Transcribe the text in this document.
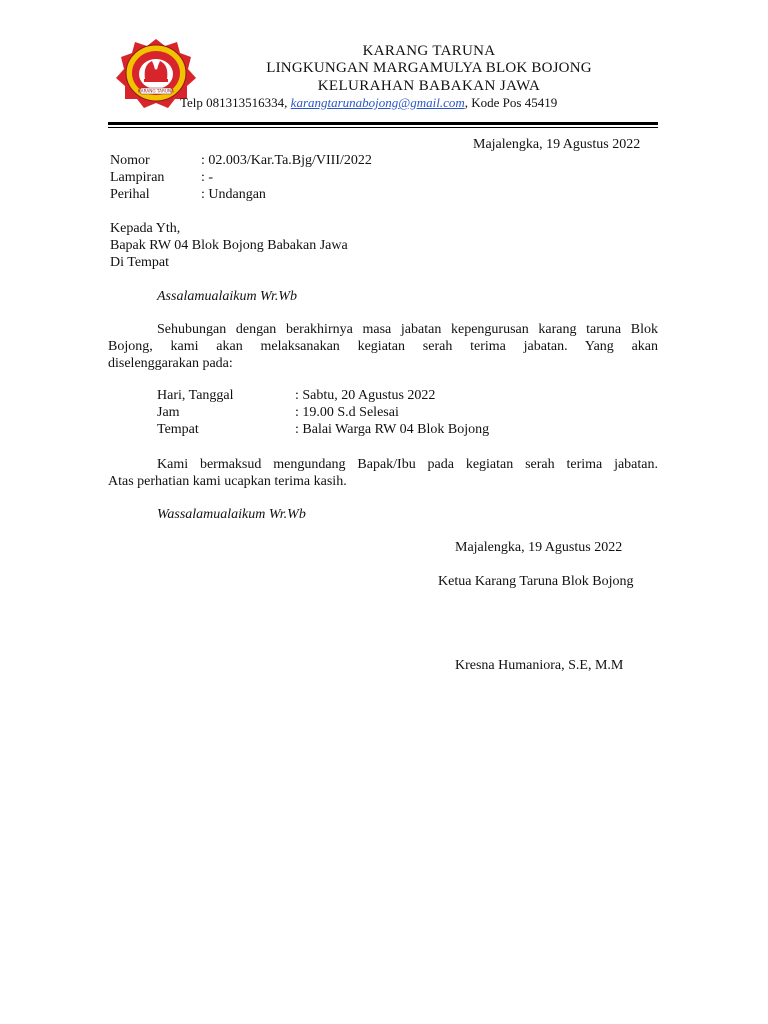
KARANG TARUNA
KARANG TARUNA
LINGKUNGAN MARGAMULYA BLOK BOJONG
KELURAHAN BABAKAN JAWA
Telp 081313516334, karangtarunabojong@gmail.com, Kode Pos 45419
Majalengka, 19 Agustus 2022
Nomor	: 02.003/Kar.Ta.Bjg/VIII/2022
Lampiran	: -
Perihal	: Undangan
Kepada Yth,
Bapak RW 04 Blok Bojong Babakan Jawa
Di Tempat
Assalamualaikum Wr.Wb
Sehubungan dengan berakhirnya masa jabatan kepengurusan karang taruna Blok
Bojong, kami akan melaksanakan kegiatan serah terima jabatan. Yang akan
diselenggarakan pada:
Hari, Tanggal	: Sabtu, 20 Agustus 2022
Jam	: 19.00 S.d Selesai
Tempat	: Balai Warga RW 04 Blok Bojong
Kami bermaksud mengundang Bapak/Ibu pada kegiatan serah terima jabatan.
Atas perhatian kami ucapkan terima kasih.
Wassalamualaikum Wr.Wb
Majalengka, 19 Agustus 2022
Ketua Karang Taruna Blok Bojong
Kresna Humaniora, S.E, M.M
